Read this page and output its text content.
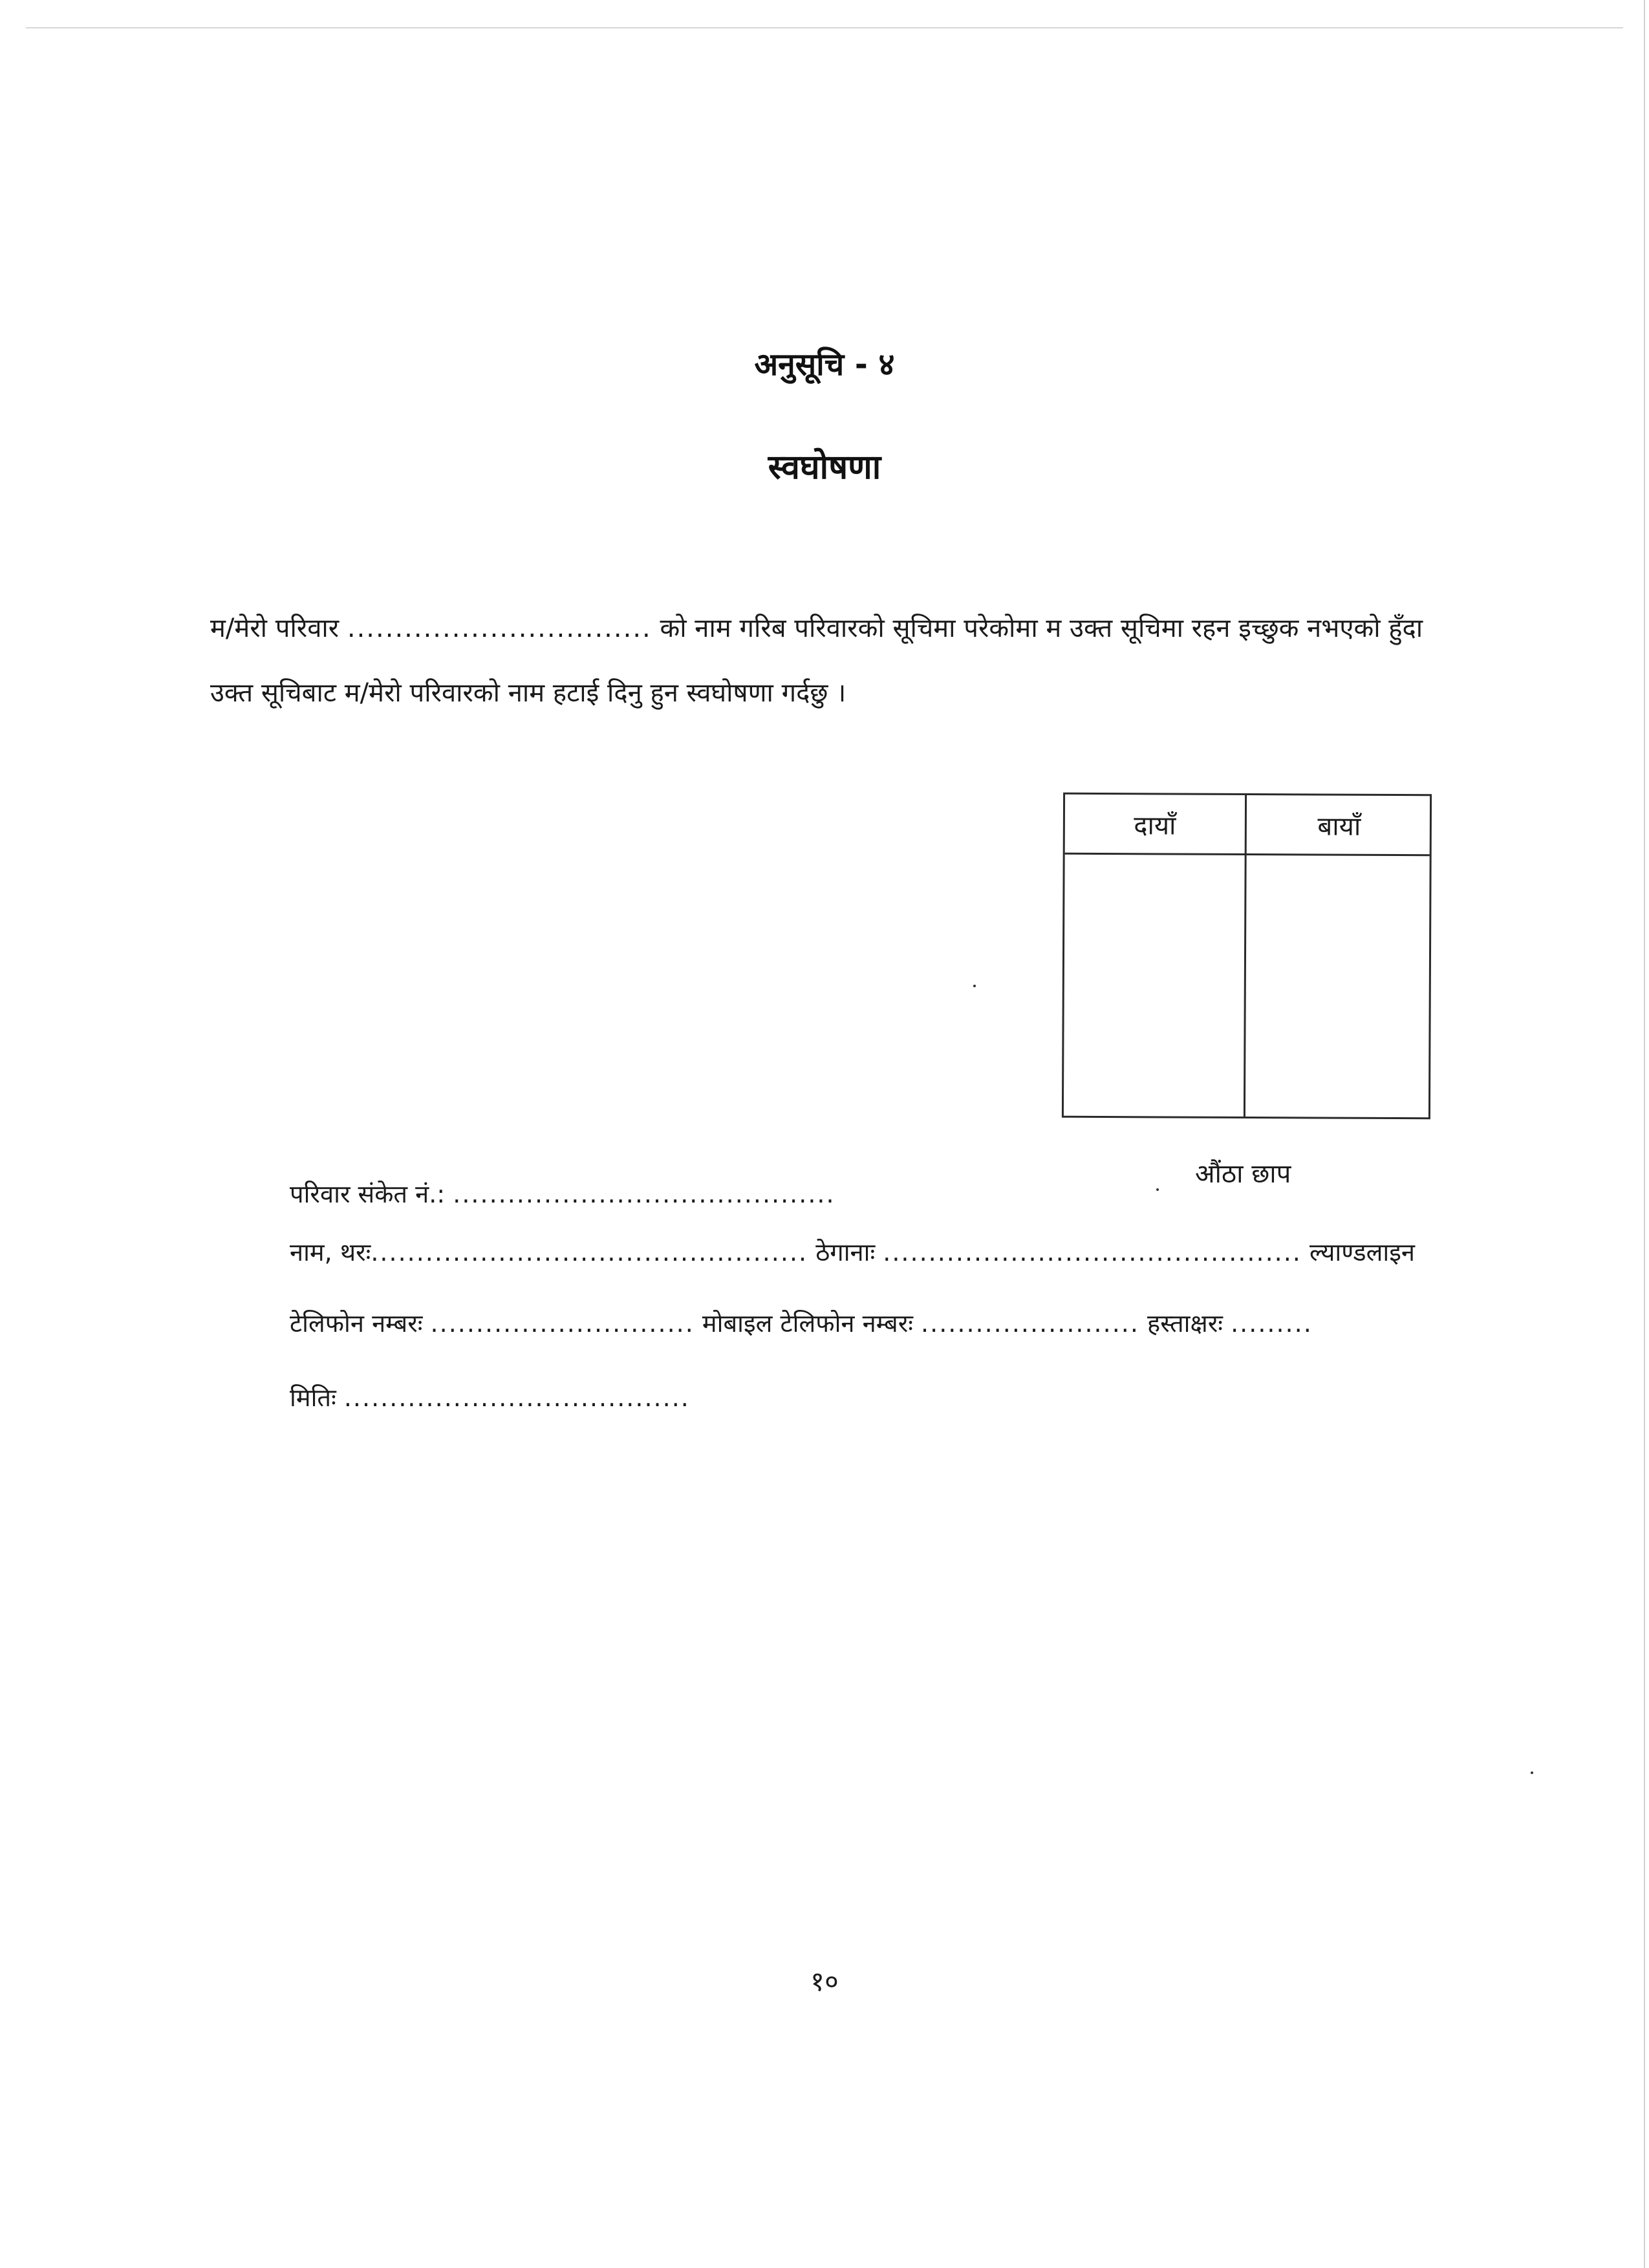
अनुसूचि - ४
स्वघोषणा
म/मेरो परिवार ................................ को नाम गरिब परिवारको सूचिमा परेकोमा म उक्त सूचिमा रहन इच्छुक नभएको हुँदा उक्त सूचिबाट म/मेरो परिवारको नाम हटाई दिनु हुन स्वघोषणा गर्दछु ।
दायाँ	बायाँ
औंठा छाप
परिवार संकेत नं.: ..........................................
नाम, थरः................................................ ठेगानाः .............................................. ल्याण्डलाइन
टेलिफोन नम्बरः ............................. मोबाइल टेलिफोन नम्बरः ........................ हस्ताक्षरः .........
मितिः ......................................
१०
